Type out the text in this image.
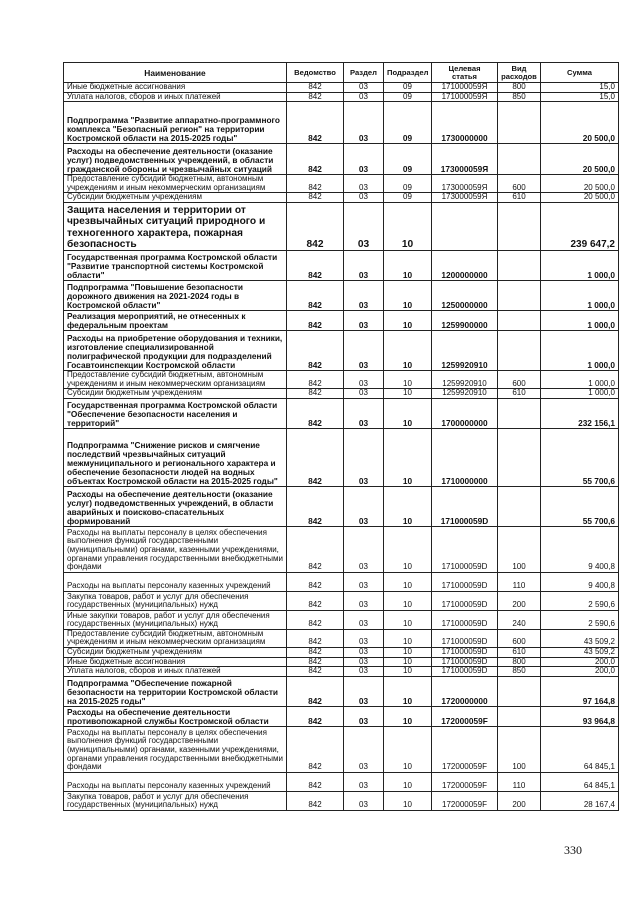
Наименование	Ведомство	Раздел	Подраздел	Целевая статья	Вид расходов	Сумма
Иные бюджетные ассигнования	842	03	09	171000059Я	800	15,0
Уплата налогов, сборов и иных платежей	842	03	09	171000059Я	850	15,0
Подпрограмма "Развитие аппаратно-программного комплекса "Безопасный регион" на территории Костромской области на 2015-2025 годы"	842	03	09	1730000000		20 500,0
Расходы на обеспечение деятельности (оказание услуг) подведомственных учреждений, в области гражданской обороны и чрезвычайных ситуаций	842	03	09	173000059Я		20 500,0
Предоставление субсидий бюджетным, автономным учреждениям и иным некоммерческим организациям	842	03	09	173000059Я	600	20 500,0
Субсидии бюджетным учреждениям	842	03	09	173000059Я	610	20 500,0
Защита населения и территории от чрезвычайных ситуаций природного и техногенного характера, пожарная безопасность	842	03	10			239 647,2
Государственная программа Костромской области "Развитие транспортной системы Костромской области"	842	03	10	1200000000		1 000,0
Подпрограмма "Повышение безопасности дорожного движения на 2021-2024 годы в Костромской области"	842	03	10	1250000000		1 000,0
Реализация мероприятий, не отнесенных к федеральным проектам	842	03	10	1259900000		1 000,0
Расходы на приобретение оборудования и техники, изготовление специализированной полиграфической продукции для подразделений Госавтоинспекции Костромской области	842	03	10	1259920910		1 000,0
Предоставление субсидий бюджетным, автономным учреждениям и иным некоммерческим организациям	842	03	10	1259920910	600	1 000,0
Субсидии бюджетным учреждениям	842	03	10	1259920910	610	1 000,0
Государственная программа Костромской области "Обеспечение безопасности населения и территорий"	842	03	10	1700000000		232 156,1
Подпрограмма "Снижение рисков и смягчение последствий чрезвычайных ситуаций межмуниципального и регионального характера и обеспечение безопасности людей на водных объектах Костромской области на 2015-2025 годы"	842	03	10	1710000000		55 700,6
Расходы на обеспечение деятельности (оказание услуг) подведомственных учреждений, в области аварийных и поисково-спасательных формирований	842	03	10	171000059D		55 700,6
Расходы на выплаты персоналу в целях обеспечения выполнения функций государственными (муниципальными) органами, казенными учреждениями, органами управления государственными внебюджетными фондами	842	03	10	171000059D	100	9 400,8
Расходы на выплаты персоналу казенных учреждений	842	03	10	171000059D	110	9 400,8
Закупка товаров, работ и услуг для обеспечения государственных (муниципальных) нужд	842	03	10	171000059D	200	2 590,6
Иные закупки товаров, работ и услуг для обеспечения государственных (муниципальных) нужд	842	03	10	171000059D	240	2 590,6
Предоставление субсидий бюджетным, автономным учреждениям и иным некоммерческим организациям	842	03	10	171000059D	600	43 509,2
Субсидии бюджетным учреждениям	842	03	10	171000059D	610	43 509,2
Иные бюджетные ассигнования	842	03	10	171000059D	800	200,0
Уплата налогов, сборов и иных платежей	842	03	10	171000059D	850	200,0
Подпрограмма "Обеспечение пожарной безопасности на территории Костромской области на 2015-2025 годы"	842	03	10	1720000000		97 164,8
Расходы на обеспечение деятельности противопожарной службы Костромской области	842	03	10	172000059F		93 964,8
Расходы на выплаты персоналу в целях обеспечения выполнения функций государственными (муниципальными) органами, казенными учреждениями, органами управления государственными внебюджетными фондами	842	03	10	172000059F	100	64 845,1
Расходы на выплаты персоналу казенных учреждений	842	03	10	172000059F	110	64 845,1
Закупка товаров, работ и услуг для обеспечения государственных (муниципальных) нужд	842	03	10	172000059F	200	28 167,4
330
